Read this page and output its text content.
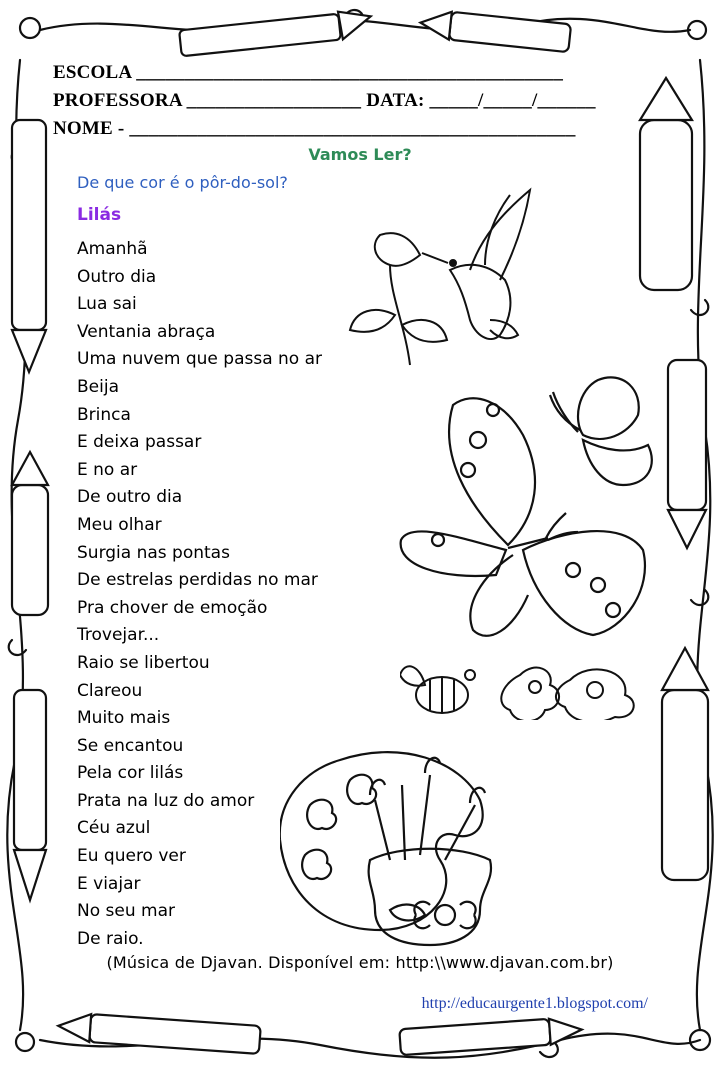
ESCOLA ____________________________________________
PROFESSORA __________________ DATA: _____/_____/______
NOME - ______________________________________________
Vamos Ler?
De que cor é o pôr-do-sol?
Lilás
Amanhã
Outro dia
Lua sai
Ventania abraça
Uma nuvem que passa no ar
Beija
Brinca
E deixa passar
E no ar
De outro dia
Meu olhar
Surgia nas pontas
De estrelas perdidas no mar
Pra chover de emoção
Trovejar...
Raio se libertou
Clareou
Muito mais
Se encantou
Pela cor lilás
Prata na luz do amor
Céu azul
Eu quero ver
E viajar
No seu mar
De raio.
(Música de Djavan. Disponível em: http:\\www.djavan.com.br)
http://educaurgente1.blogspot.com/
